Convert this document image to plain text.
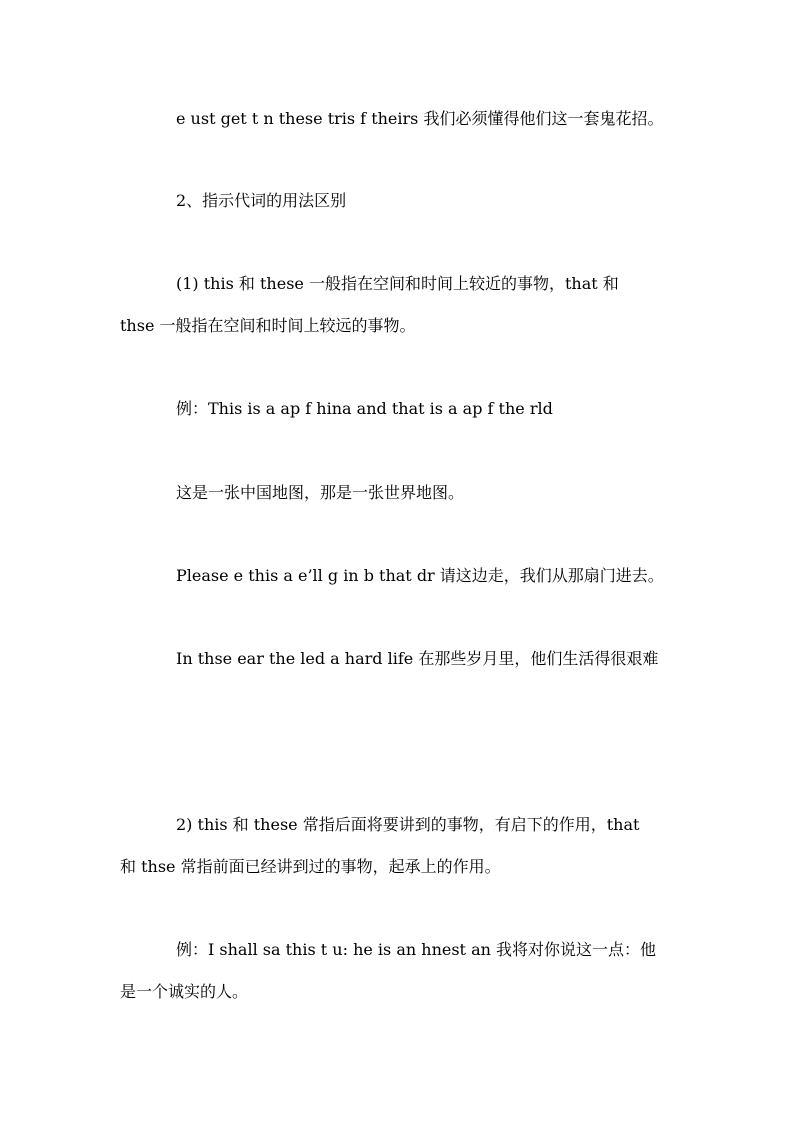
e ust get t n these tris f theirs 我们必须懂得他们这一套鬼花招。
2、指示代词的用法区别
(1) this 和 these 一般指在空间和时间上较近的事物，that 和
thse 一般指在空间和时间上较远的事物。
例：This is a ap f hina and that is a ap f the rld
这是一张中国地图，那是一张世界地图。
Please e this a e’ll g in b that dr 请这边走，我们从那扇门进去。
In thse ear the led a hard life 在那些岁月里，他们生活得很艰难
2) this 和 these 常指后面将要讲到的事物，有启下的作用，that
和 thse 常指前面已经讲到过的事物，起承上的作用。
例：I shall sa this t u: he is an hnest an 我将对你说这一点：他
是一个诚实的人。
